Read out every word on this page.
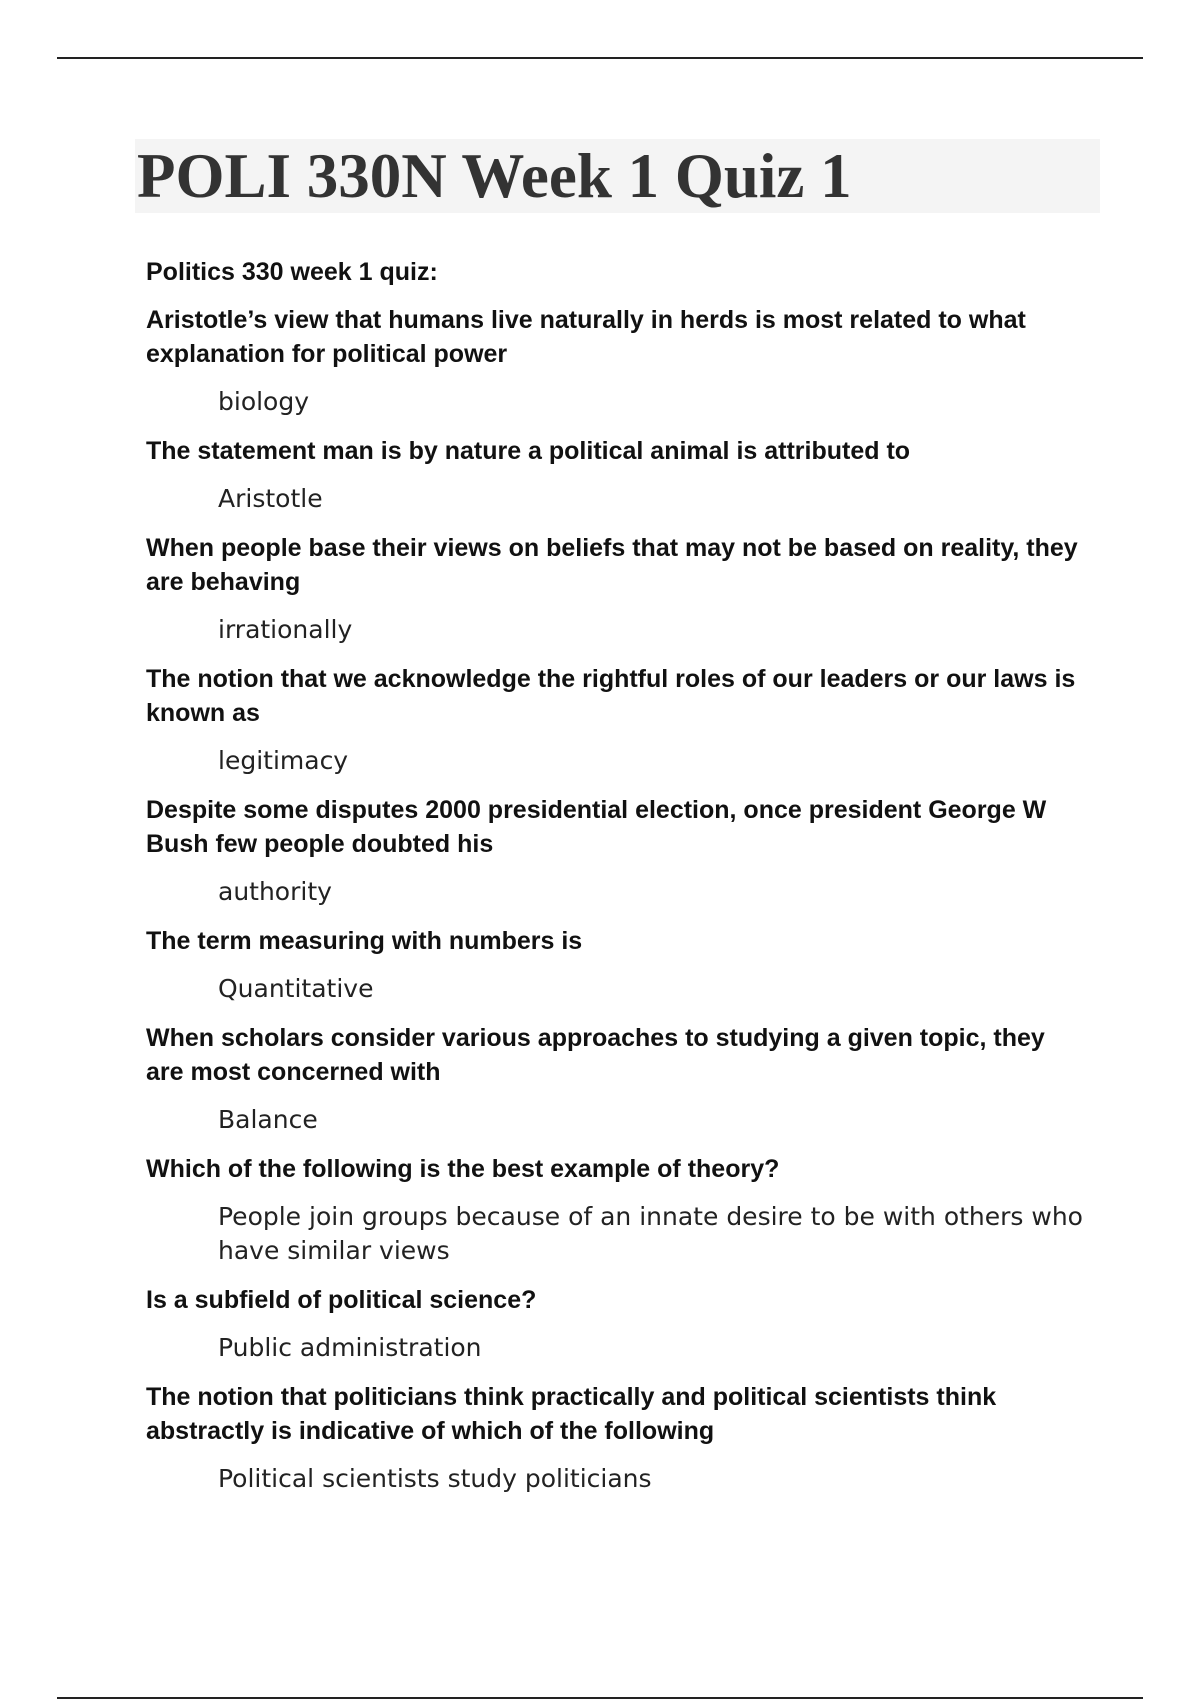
POLI 330N Week 1 Quiz 1

Politics 330 week 1 quiz:

Aristotle’s view that humans live naturally in herds is most related to what explanation for political power

biology

The statement man is by nature a political animal is attributed to

Aristotle

When people base their views on beliefs that may not be based on reality, they are behaving

irrationally

The notion that we acknowledge the rightful roles of our leaders or our laws is known as

legitimacy

Despite some disputes 2000 presidential election, once president George W Bush few people doubted his

authority

The term measuring with numbers is

Quantitative

When scholars consider various approaches to studying a given topic, they are most concerned with

Balance

Which of the following is the best example of theory?

People join groups because of an innate desire to be with others who have similar views

Is a subfield of political science?

Public administration

The notion that politicians think practically and political scientists think abstractly is indicative of which of the following

Political scientists study politicians
